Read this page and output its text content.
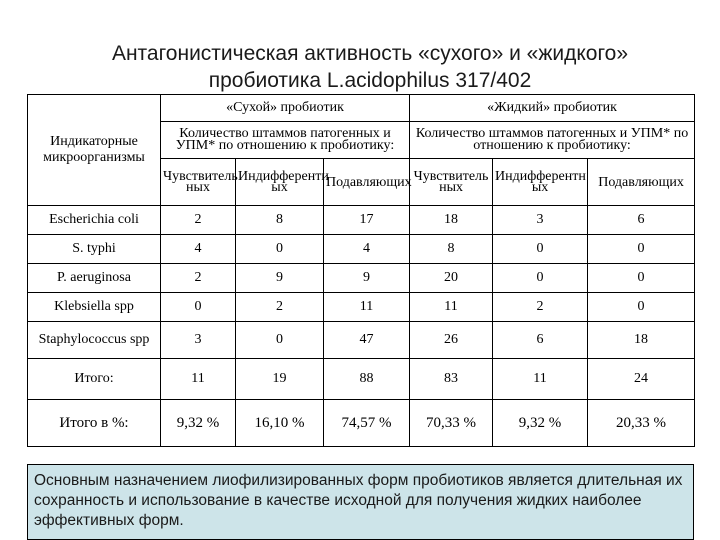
Антагонистическая активность «сухого» и «жидкого»
пробиотика L.acidophilus 317/402
Индикаторные микроорганизмы	«Сухой» пробиотик			«Жидкий» пробиотик		
	Количество штаммов патогенных и УПМ* по отношению к пробиотику:			Количество штаммов патогенных и УПМ* по отношению к пробиотику:		
	Чувствитель ных	Индифференти ых	Подавляющих	Чувствитель ных	Индифферентн ых	Подавляющих
Escherichia coli	2	8	17	18	3	6
S. typhi	4	0	4	8	0	0
P. aeruginosa	2	9	9	20	0	0
Klebsiella spp	0	2	11	11	2	0
Staphylococcus spp	3	0	47	26	6	18
Итого:	11	19	88	83	11	24
Итого в %:	9,32 %	16,10 %	74,57 %	70,33 %	9,32 %	20,33 %
Основным назначением лиофилизированных форм пробиотиков является длительная их сохранность и использование в качестве исходной для получения жидких наиболее эффективных форм.
